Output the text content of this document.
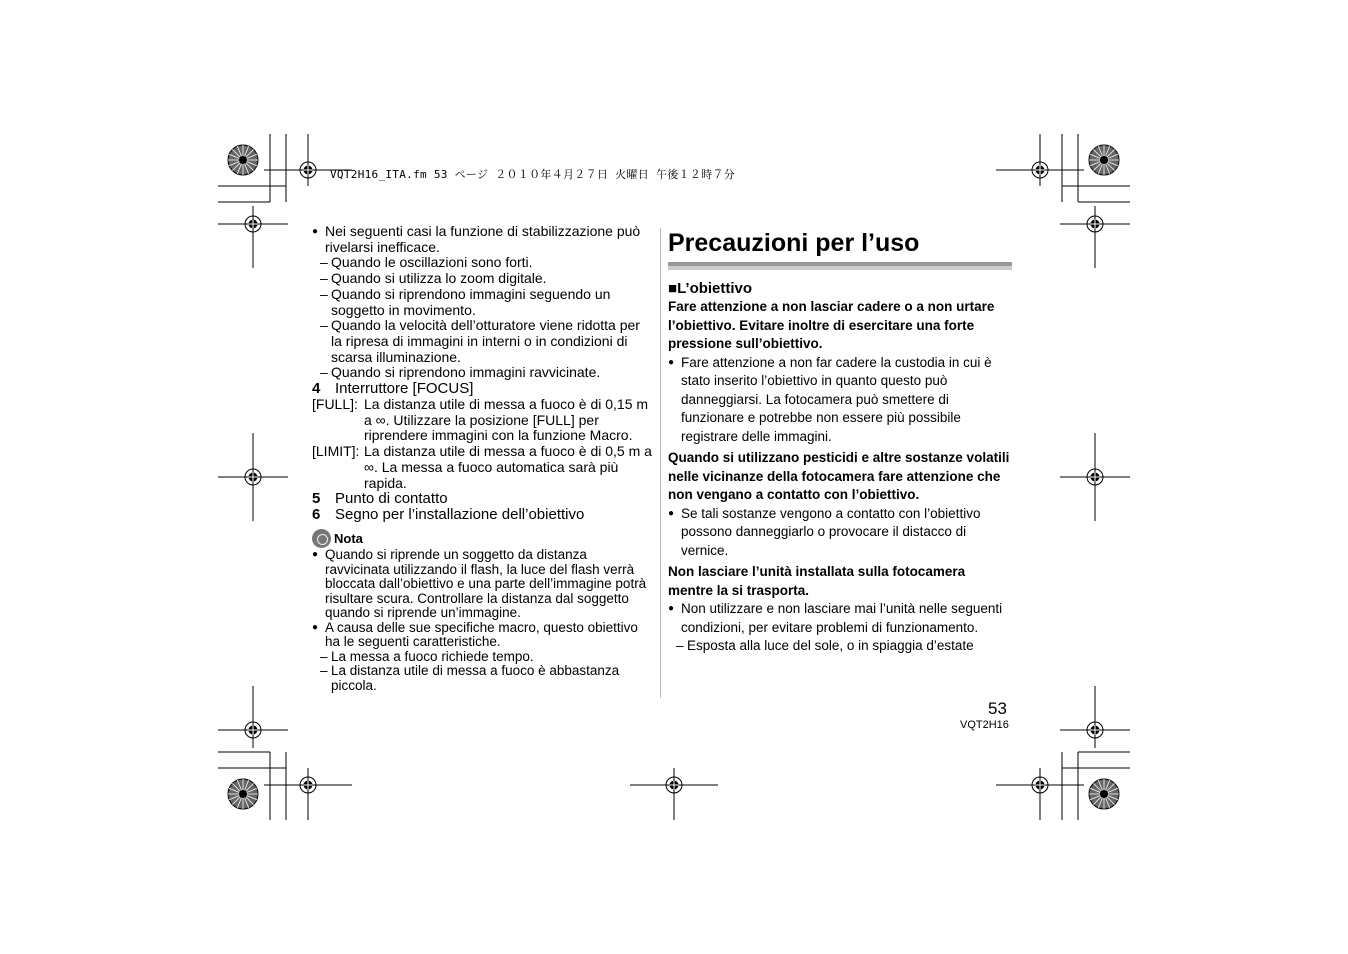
VQT2H16_ITA.fm 53 ページ ２０１０年４月２７日 火曜日 午後１２時７分

● Nei seguenti casi la funzione di stabilizzazione può rivelarsi inefficace.

– Quando le oscillazioni sono forti.

– Quando si utilizza lo zoom digitale.

– Quando si riprendono immagini seguendo un soggetto in movimento.

– Quando la velocità dell’otturatore viene ridotta per la ripresa di immagini in interni o in condizioni di scarsa illuminazione.

– Quando si riprendono immagini ravvicinate.

4 Interruttore [FOCUS]

[FULL]: La distanza utile di messa a fuoco è di 0,15 m a ∞. Utilizzare la posizione [FULL] per riprendere immagini con la funzione Macro.

[LIMIT]: La distanza utile di messa a fuoco è di 0,5 m a ∞. La messa a fuoco automatica sarà più rapida.

5 Punto di contatto

6 Segno per l’installazione dell’obiettivo

Nota

● Quando si riprende un soggetto da distanza ravvicinata utilizzando il flash, la luce del flash verrà bloccata dall’obiettivo e una parte dell’immagine potrà risultare scura. Controllare la distanza dal soggetto quando si riprende un’immagine.

● A causa delle sue specifiche macro, questo obiettivo ha le seguenti caratteristiche.

– La messa a fuoco richiede tempo.

– La distanza utile di messa a fuoco è abbastanza piccola.

Precauzioni per l’uso
■L’obiettivo

Fare attenzione a non lasciar cadere o a non urtare l’obiettivo. Evitare inoltre di esercitare una forte pressione sull’obiettivo.

● Fare attenzione a non far cadere la custodia in cui è stato inserito l’obiettivo in quanto questo può danneggiarsi. La fotocamera può smettere di funzionare e potrebbe non essere più possibile registrare delle immagini.

Quando si utilizzano pesticidi e altre sostanze volatili nelle vicinanze della fotocamera fare attenzione che non vengano a contatto con l’obiettivo.

● Se tali sostanze vengono a contatto con l’obiettivo possono danneggiarlo o provocare il distacco di vernice.

Non lasciare l’unità installata sulla fotocamera mentre la si trasporta.

● Non utilizzare e non lasciare mai l’unità nelle seguenti condizioni, per evitare problemi di funzionamento.

– Esposta alla luce del sole, o in spiaggia d’estate

53
VQT2H16
